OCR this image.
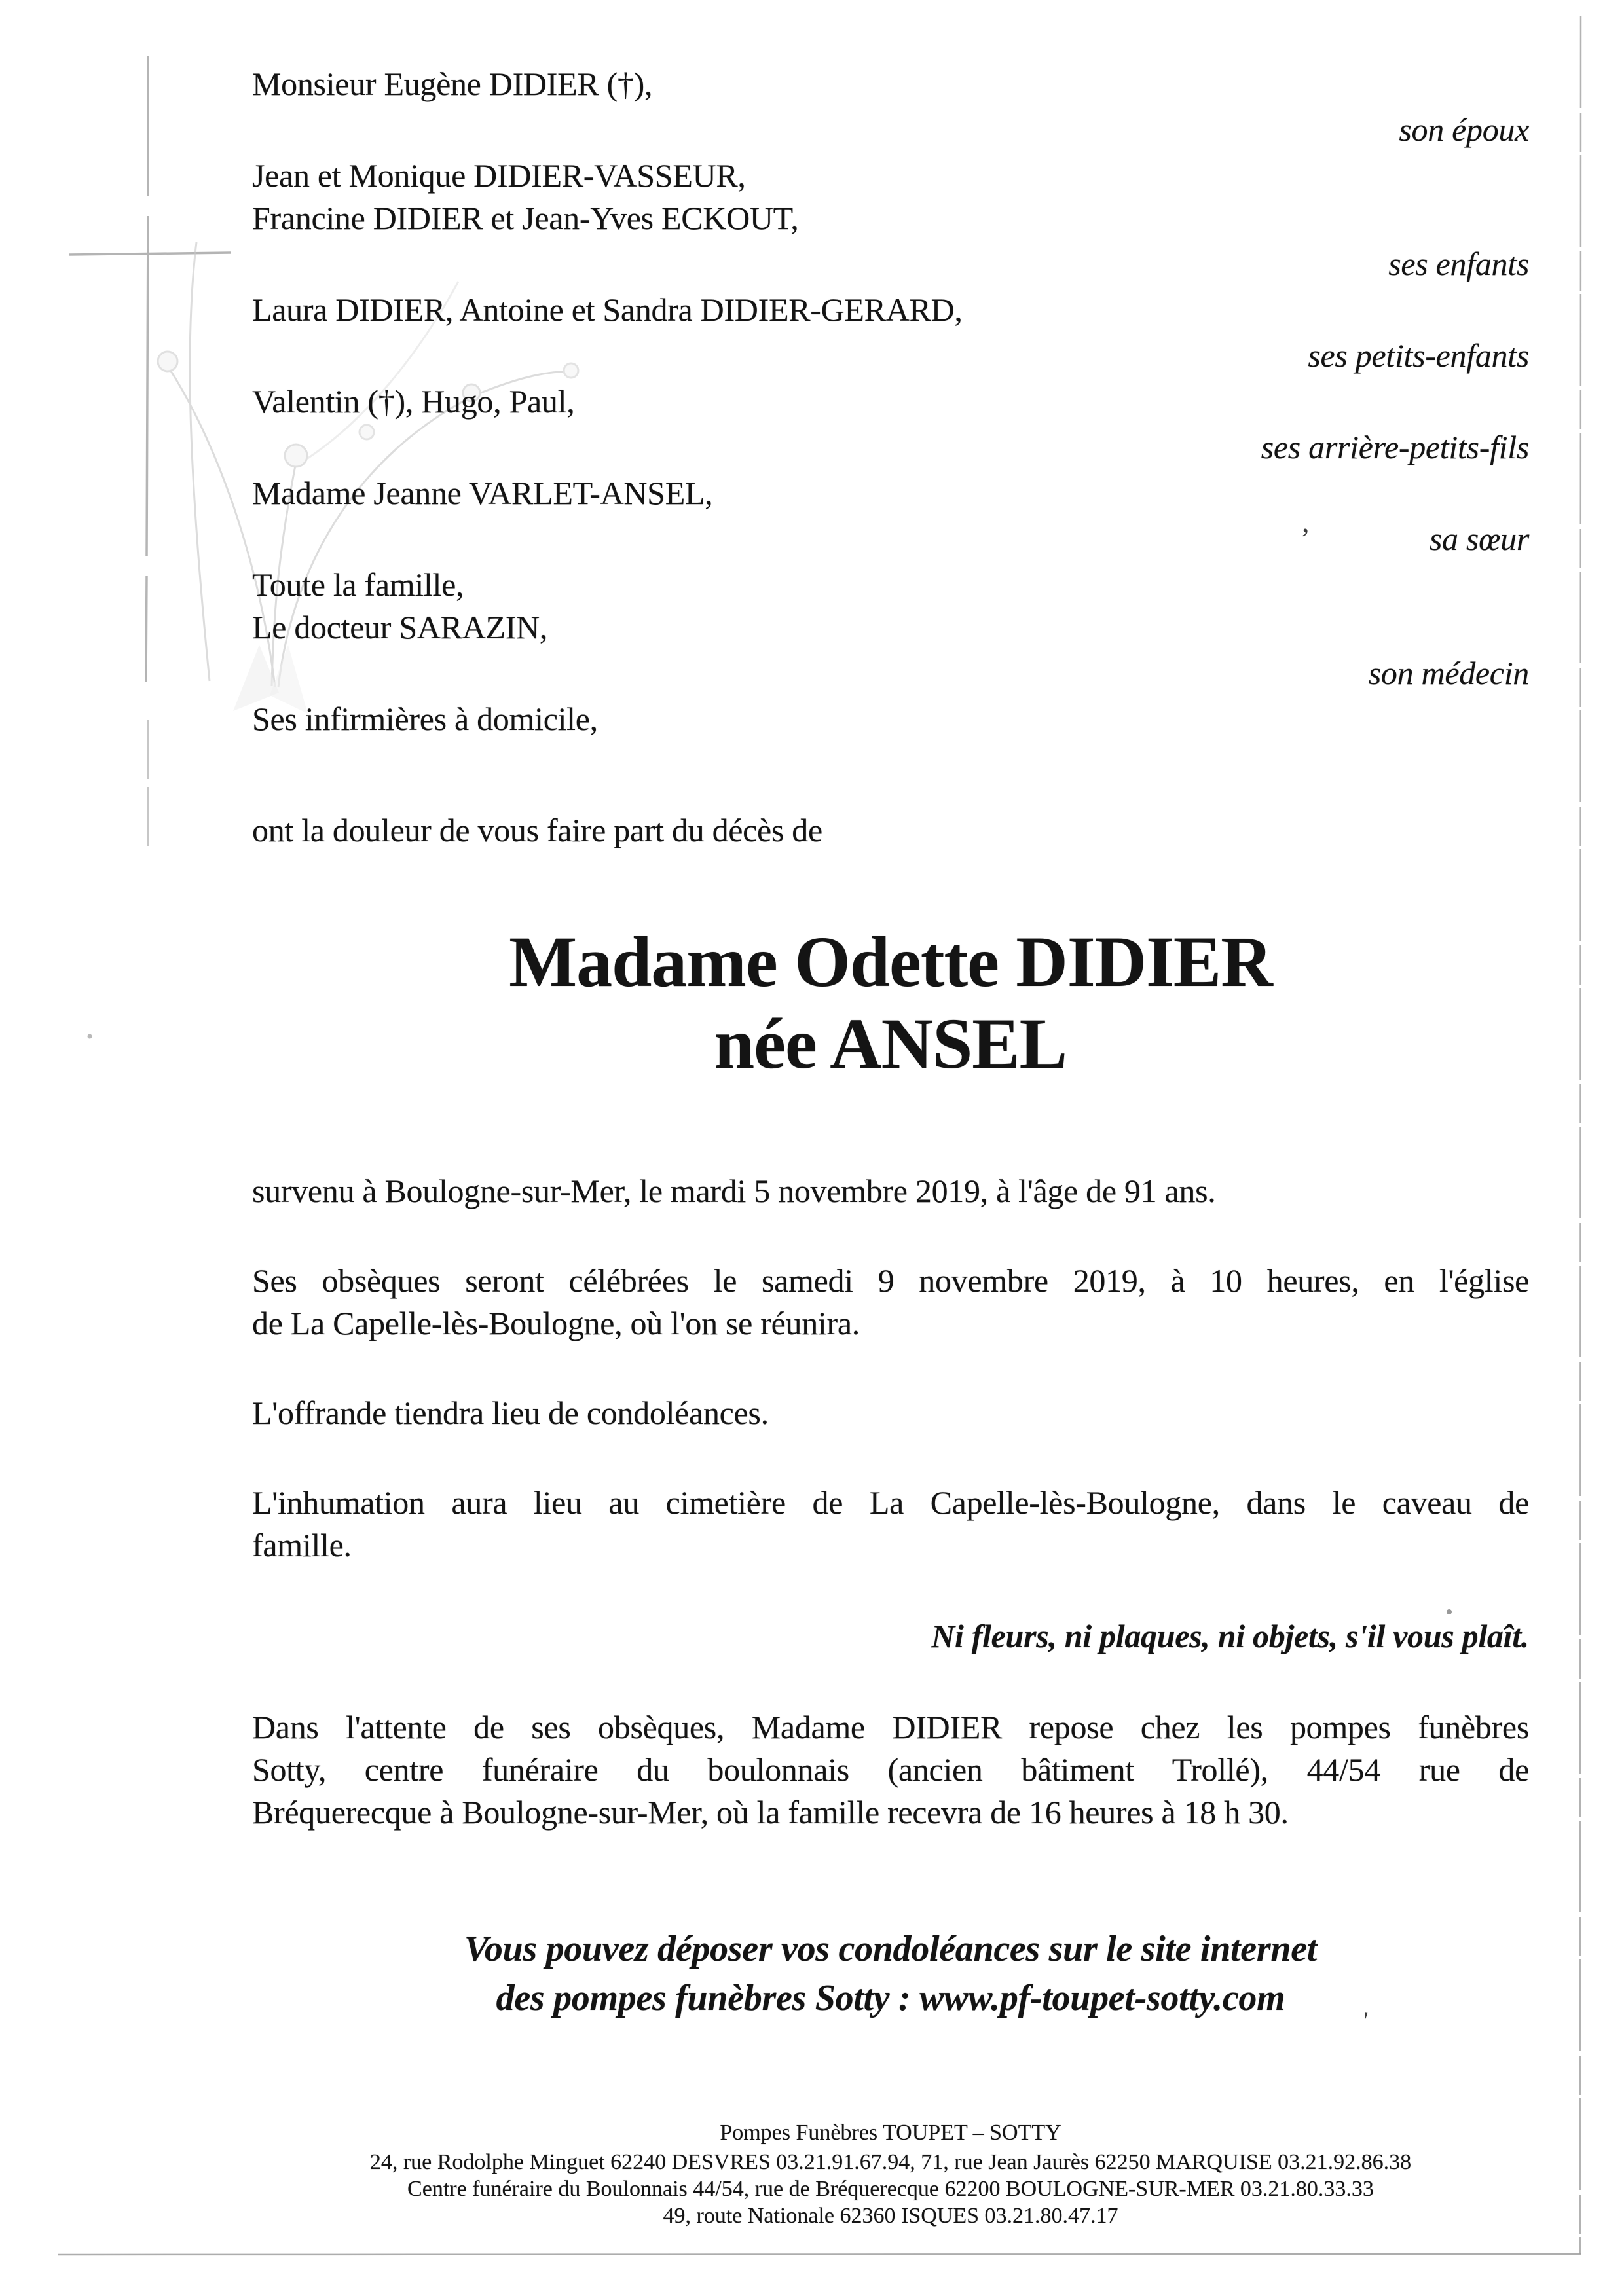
,
'
Monsieur Eugène DIDIER (†),
Jean et Monique DIDIER-VASSEUR,
Francine DIDIER et Jean-Yves ECKOUT,
Laura DIDIER, Antoine et Sandra DIDIER-GERARD,
Valentin (†), Hugo, Paul,
Madame Jeanne VARLET-ANSEL,
Toute la famille,
Le docteur SARAZIN,
Ses infirmières à domicile,
son époux
ses enfants
ses petits-enfants
ses arrière-petits-fils
sa sœur
son médecin
ont la douleur de vous faire part du décès de
Madame Odette DIDIER
née ANSEL
survenu à Boulogne-sur-Mer, le mardi 5 novembre 2019, à l'âge de 91 ans.
Ses obsèques seront célébrées le samedi 9 novembre 2019, à 10 heures, en l'église
de La Capelle-lès-Boulogne, où l'on se réunira.
L'offrande tiendra lieu de condoléances.
L'inhumation aura lieu au cimetière de La Capelle-lès-Boulogne, dans le caveau de
famille.
Ni fleurs, ni plaques, ni objets, s'il vous plaît.
Dans l'attente de ses obsèques, Madame DIDIER repose chez les pompes funèbres
Sotty, centre funéraire du boulonnais (ancien bâtiment Trollé), 44/54 rue de
Bréquerecque à Boulogne-sur-Mer, où la famille recevra de 16 heures à 18 h 30.
Vous pouvez déposer vos condoléances sur le site internet
des pompes funèbres Sotty : www.pf-toupet-sotty.com
Pompes Funèbres TOUPET – SOTTY
24, rue Rodolphe Minguet 62240 DESVRES 03.21.91.67.94, 71, rue Jean Jaurès 62250 MARQUISE 03.21.92.86.38
Centre funéraire du Boulonnais 44/54, rue de Bréquerecque 62200 BOULOGNE-SUR-MER 03.21.80.33.33
49, route Nationale 62360 ISQUES 03.21.80.47.17
